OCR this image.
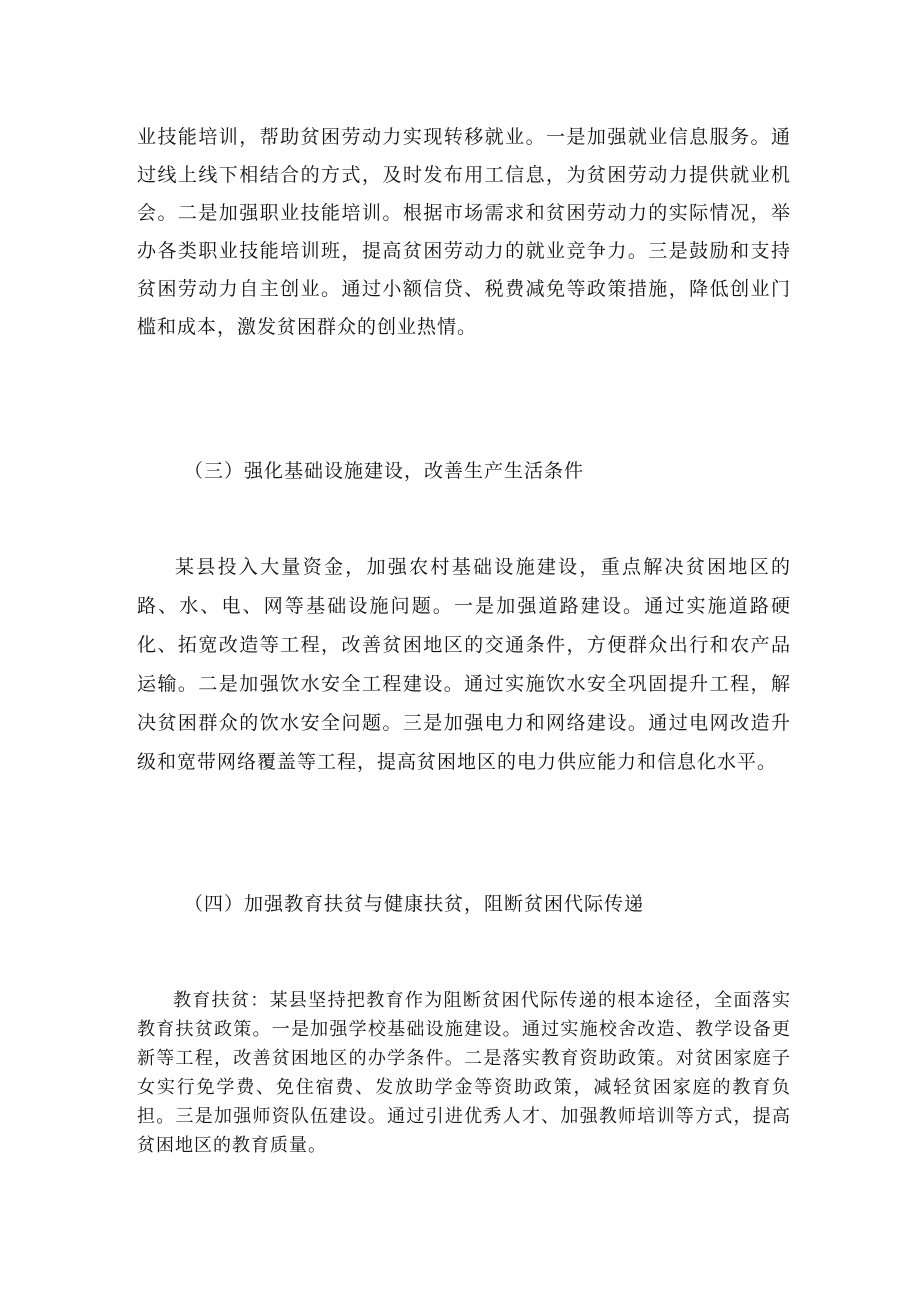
业技能培训，帮助贫困劳动力实现转移就业。一是加强就业信息服务。通过线上线下相结合的方式，及时发布用工信息，为贫困劳动力提供就业机会。二是加强职业技能培训。根据市场需求和贫困劳动力的实际情况，举办各类职业技能培训班，提高贫困劳动力的就业竞争力。三是鼓励和支持贫困劳动力自主创业。通过小额信贷、税费减免等政策措施，降低创业门槛和成本，激发贫困群众的创业热情。

（三）强化基础设施建设，改善生产生活条件

某县投入大量资金，加强农村基础设施建设，重点解决贫困地区的路、水、电、网等基础设施问题。一是加强道路建设。通过实施道路硬化、拓宽改造等工程，改善贫困地区的交通条件，方便群众出行和农产品运输。二是加强饮水安全工程建设。通过实施饮水安全巩固提升工程，解决贫困群众的饮水安全问题。三是加强电力和网络建设。通过电网改造升级和宽带网络覆盖等工程，提高贫困地区的电力供应能力和信息化水平。

（四）加强教育扶贫与健康扶贫，阻断贫困代际传递

教育扶贫：某县坚持把教育作为阻断贫困代际传递的根本途径，全面落实教育扶贫政策。一是加强学校基础设施建设。通过实施校舍改造、教学设备更新等工程，改善贫困地区的办学条件。二是落实教育资助政策。对贫困家庭子女实行免学费、免住宿费、发放助学金等资助政策，减轻贫困家庭的教育负担。三是加强师资队伍建设。通过引进优秀人才、加强教师培训等方式，提高贫困地区的教育质量。
